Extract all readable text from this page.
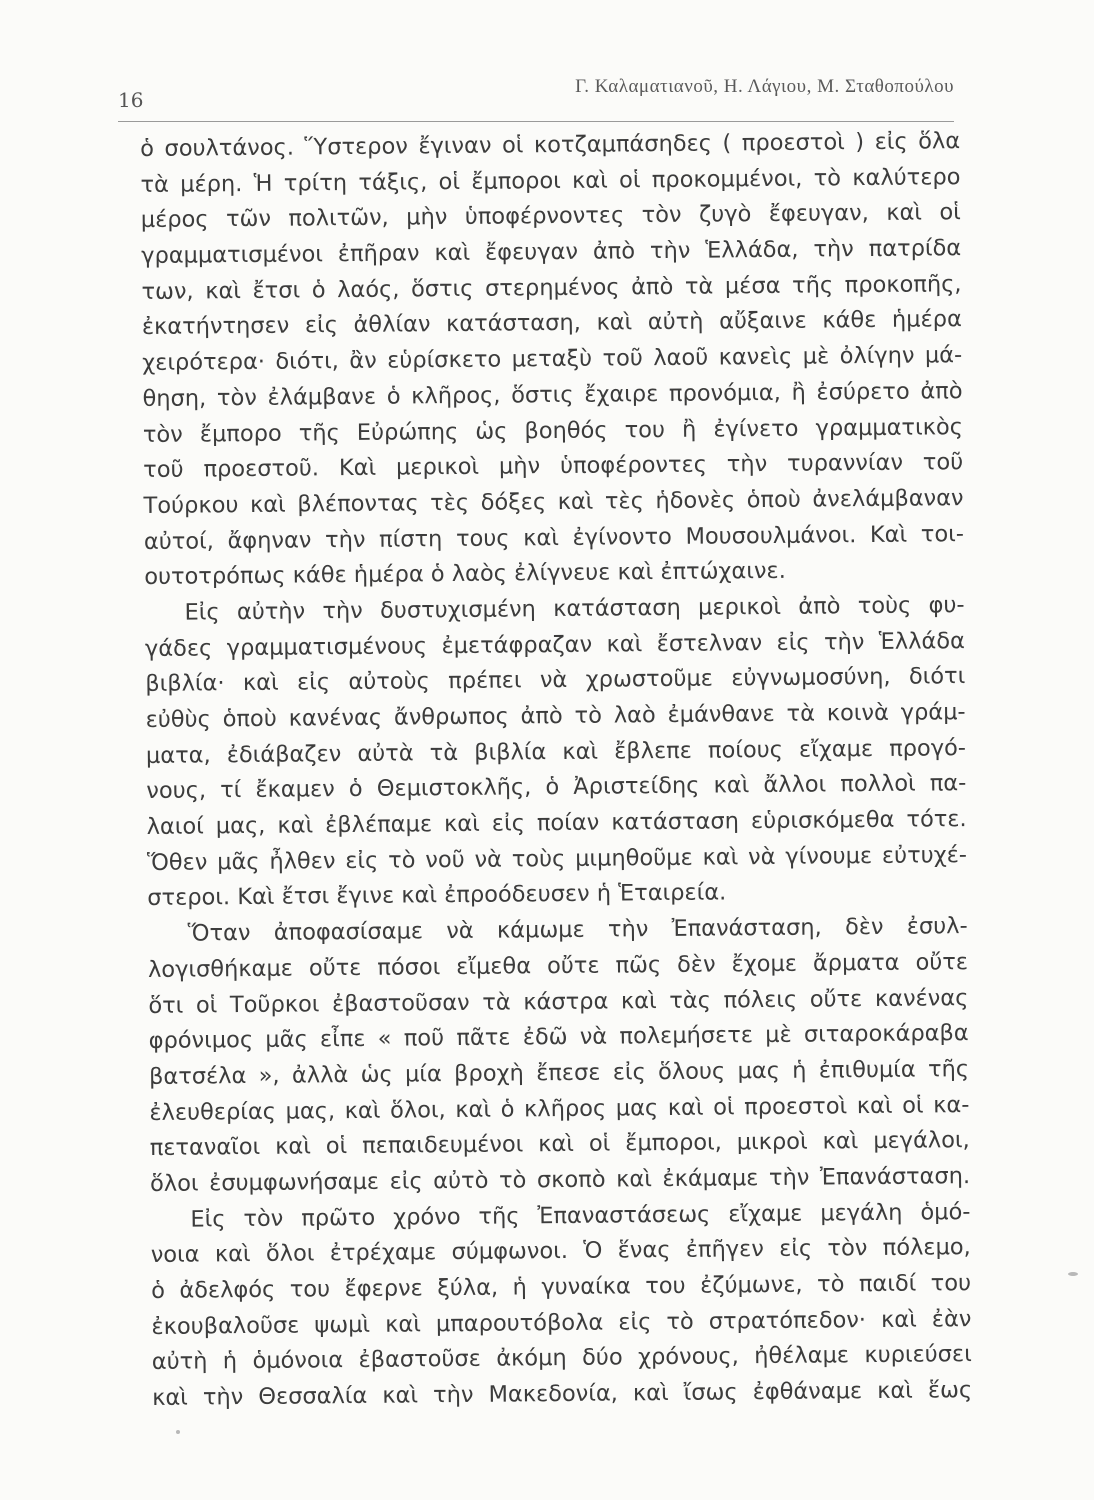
16
Γ. Καλαματιανοῦ, Η. Λάγιου, Μ. Σταθοπούλου
ὁ σουλτάνος. Ὕστερον ἔγιναν οἱ κοτζαμπάσηδες ( προεστοὶ ) εἰς ὅλα
τὰ μέρη. Ἡ τρίτη τάξις, οἱ ἔμποροι καὶ οἱ προκομμένοι, τὸ καλύτερο
μέρος τῶν πολιτῶν, μὴν ὑποφέρνοντες τὸν ζυγὸ ἔφευγαν, καὶ οἱ
γραμματισμένοι ἐπῆραν καὶ ἔφευγαν ἀπὸ τὴν Ἑλλάδα, τὴν πατρίδα
των, καὶ ἔτσι ὁ λαός, ὅστις στερημένος ἀπὸ τὰ μέσα τῆς προκοπῆς,
ἐκατήντησεν εἰς ἀθλίαν κατάσταση, καὶ αὐτὴ αὔξαινε κάθε ἡμέρα
χειρότερα· διότι, ἂν εὑρίσκετο μεταξὺ τοῦ λαοῦ κανεὶς μὲ ὀλίγην μά-
θηση, τὸν ἐλάμβανε ὁ κλῆρος, ὅστις ἔχαιρε προνόμια, ἢ ἐσύρετο ἀπὸ
τὸν ἔμπορο τῆς Εὐρώπης ὡς βοηθός του ἢ ἐγίνετο γραμματικὸς
τοῦ προεστοῦ. Καὶ μερικοὶ μὴν ὑποφέροντες τὴν τυραννίαν τοῦ
Τούρκου καὶ βλέποντας τὲς δόξες καὶ τὲς ἡδονὲς ὁποὺ ἀνελάμβαναν
αὐτοί, ἄφηναν τὴν πίστη τους καὶ ἐγίνοντο Μουσουλμάνοι. Καὶ τοι-
ουτοτρόπως κάθε ἡμέρα ὁ λαὸς ἐλίγνευε καὶ ἐπτώχαινε.
Εἰς αὐτὴν τὴν δυστυχισμένη κατάσταση μερικοὶ ἀπὸ τοὺς φυ-
γάδες γραμματισμένους ἐμετάφραζαν καὶ ἔστελναν εἰς τὴν Ἑλλάδα
βιβλία· καὶ εἰς αὐτοὺς πρέπει νὰ χρωστοῦμε εὐγνωμοσύνη, διότι
εὐθὺς ὁποὺ κανένας ἄνθρωπος ἀπὸ τὸ λαὸ ἐμάνθανε τὰ κοινὰ γράμ-
ματα, ἐδιάβαζεν αὐτὰ τὰ βιβλία καὶ ἔβλεπε ποίους εἴχαμε προγό-
νους, τί ἔκαμεν ὁ Θεμιστοκλῆς, ὁ Ἀριστείδης καὶ ἄλλοι πολλοὶ πα-
λαιοί μας, καὶ ἐβλέπαμε καὶ εἰς ποίαν κατάσταση εὑρισκόμεθα τότε.
Ὅθεν μᾶς ἦλθεν εἰς τὸ νοῦ νὰ τοὺς μιμηθοῦμε καὶ νὰ γίνουμε εὐτυχέ-
στεροι. Καὶ ἔτσι ἔγινε καὶ ἐπροόδευσεν ἡ Ἑταιρεία.
Ὅταν ἀποφασίσαμε νὰ κάμωμε τὴν Ἐπανάσταση, δὲν ἐσυλ-
λογισθήκαμε οὔτε πόσοι εἴμεθα οὔτε πῶς δὲν ἔχομε ἄρματα οὔτε
ὅτι οἱ Τοῦρκοι ἐβαστοῦσαν τὰ κάστρα καὶ τὰς πόλεις οὔτε κανένας
φρόνιμος μᾶς εἶπε « ποῦ πᾶτε ἐδῶ νὰ πολεμήσετε μὲ σιταροκάραβα
βατσέλα », ἀλλὰ ὡς μία βροχὴ ἔπεσε εἰς ὅλους μας ἡ ἐπιθυμία τῆς
ἐλευθερίας μας, καὶ ὅλοι, καὶ ὁ κλῆρος μας καὶ οἱ προεστοὶ καὶ οἱ κα-
πεταναῖοι καὶ οἱ πεπαιδευμένοι καὶ οἱ ἔμποροι, μικροὶ καὶ μεγάλοι,
ὅλοι ἐσυμφωνήσαμε εἰς αὐτὸ τὸ σκοπὸ καὶ ἐκάμαμε τὴν Ἐπανάσταση.
Εἰς τὸν πρῶτο χρόνο τῆς Ἐπαναστάσεως εἴχαμε μεγάλη ὁμό-
νοια καὶ ὅλοι ἐτρέχαμε σύμφωνοι. Ὁ ἕνας ἐπῆγεν εἰς τὸν πόλεμο,
ὁ ἀδελφός του ἔφερνε ξύλα, ἡ γυναίκα του ἐζύμωνε, τὸ παιδί του
ἐκουβαλοῦσε ψωμὶ καὶ μπαρουτόβολα εἰς τὸ στρατόπεδον· καὶ ἐὰν
αὐτὴ ἡ ὁμόνοια ἐβαστοῦσε ἀκόμη δύο χρόνους, ἠθέλαμε κυριεύσει
καὶ τὴν Θεσσαλία καὶ τὴν Μακεδονία, καὶ ἴσως ἐφθάναμε καὶ ἕως
